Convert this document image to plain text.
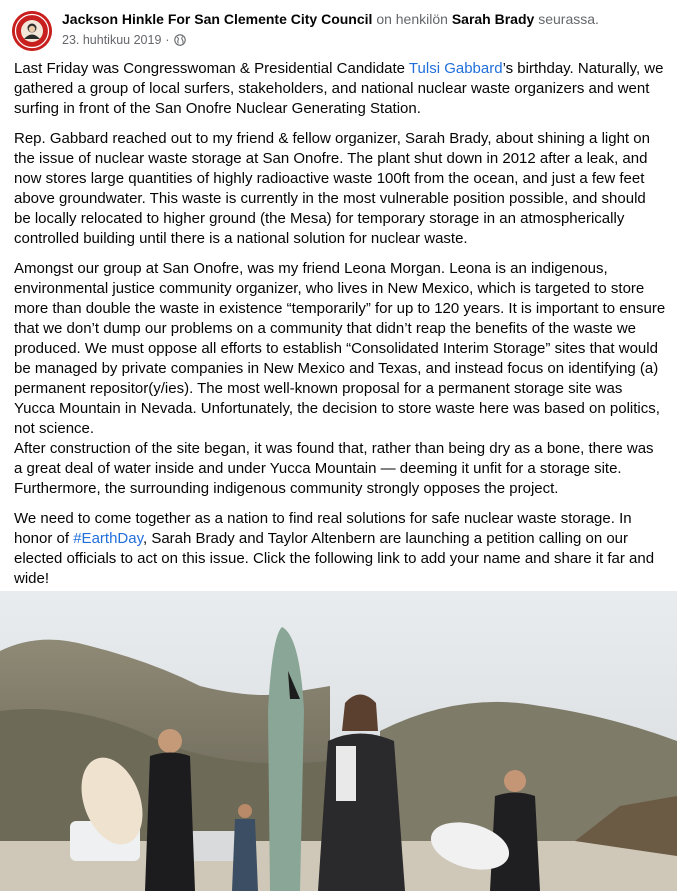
Jackson Hinkle For San Clemente City Council on henkilön Sarah Brady seurassa.
23. huhtikuu 2019 ·

Last Friday was Congresswoman & Presidential Candidate Tulsi Gabbard’s birthday. Naturally, we gathered a group of local surfers, stakeholders, and national nuclear waste organizers and went surfing in front of the San Onofre Nuclear Generating Station.

Rep. Gabbard reached out to my friend & fellow organizer, Sarah Brady, about shining a light on the issue of nuclear waste storage at San Onofre. The plant shut down in 2012 after a leak, and now stores large quantities of highly radioactive waste 100ft from the ocean, and just a few feet above groundwater. This waste is currently in the most vulnerable position possible, and should be locally relocated to higher ground (the Mesa) for temporary storage in an atmospherically controlled building until there is a national solution for nuclear waste.

Amongst our group at San Onofre, was my friend Leona Morgan. Leona is an indigenous, environmental justice community organizer, who lives in New Mexico, which is targeted to store more than double the waste in existence “temporarily” for up to 120 years. It is important to ensure that we don’t dump our problems on a community that didn’t reap the benefits of the waste we produced. We must oppose all efforts to establish “Consolidated Interim Storage” sites that would be managed by private companies in New Mexico and Texas, and instead focus on identifying (a) permanent repositor(y/ies). The most well-known proposal for a permanent storage site was Yucca Mountain in Nevada. Unfortunately, the decision to store waste here was based on politics, not science.

After construction of the site began, it was found that, rather than being dry as a bone, there was a great deal of water inside and under Yucca Mountain — deeming it unfit for a storage site. Furthermore, the surrounding indigenous community strongly opposes the project.

We need to come together as a nation to find real solutions for safe nuclear waste storage. In honor of #EarthDay, Sarah Brady and Taylor Altenbern are launching a petition calling on our elected officials to act on this issue. Click the following link to add your name and share it far and wide!
